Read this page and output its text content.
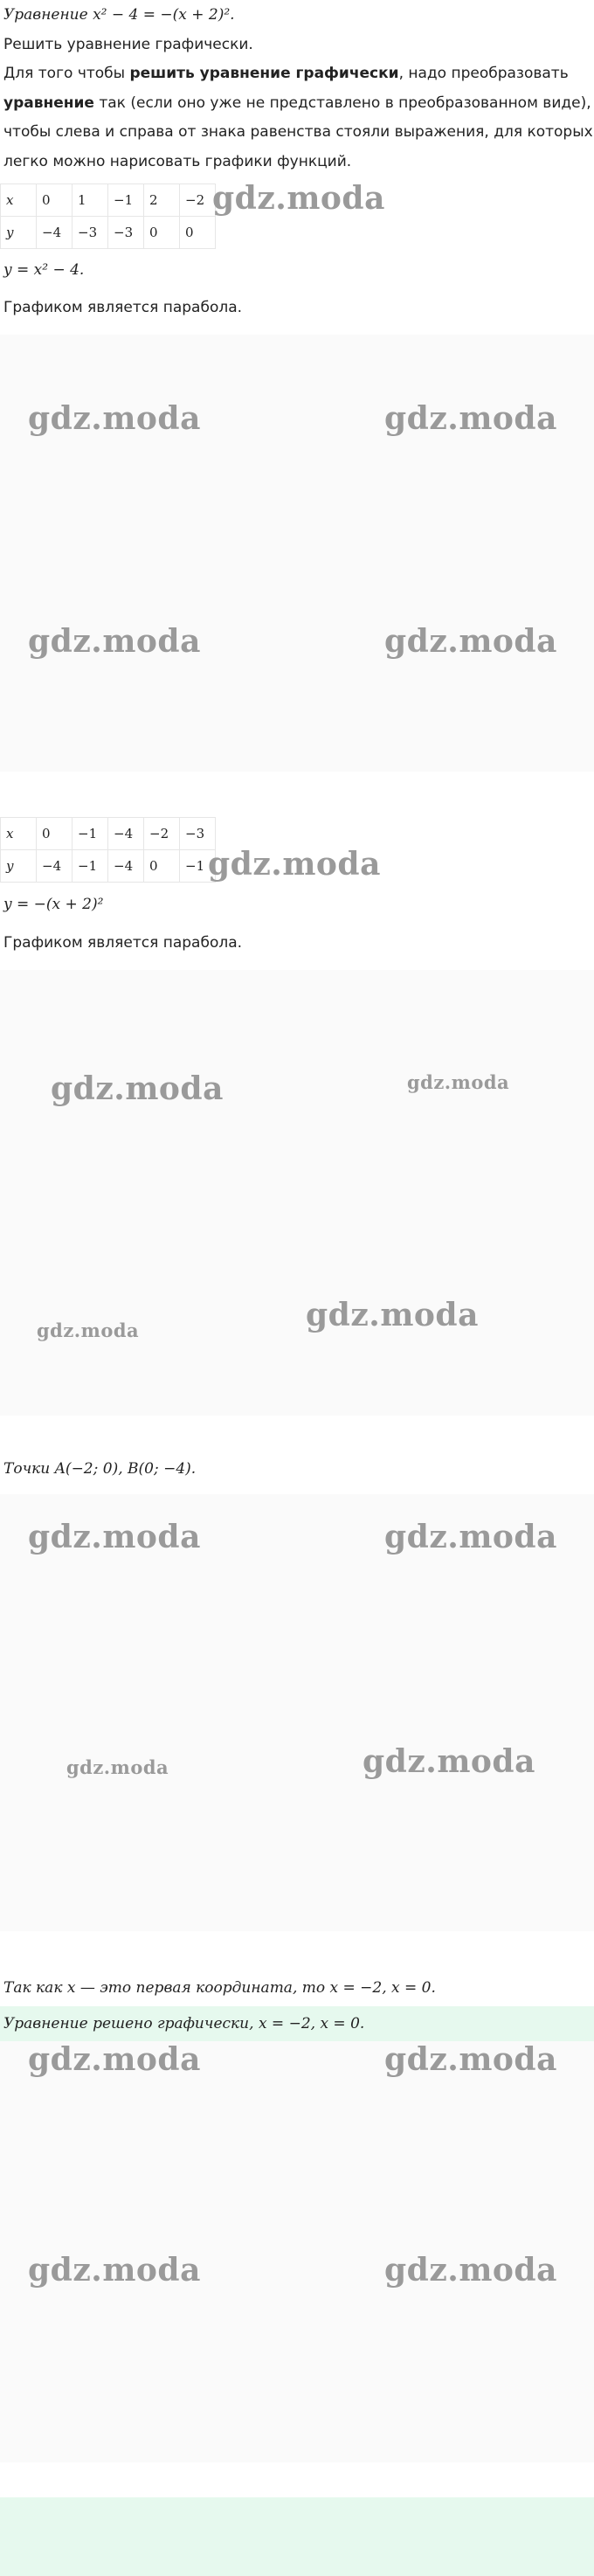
Уравнение x² − 4 = −(x + 2)².
Решить уравнение графически.
Для того чтобы решить уравнение графически, надо преобразовать
уравнение так (если оно уже не представлено в преобразованном виде),
чтобы слева и справа от знака равенства стояли выражения, для которых
легко можно нарисовать графики функций.
x	0	1	−1	2	−2
y	−4	−3	−3	0	0
gdz.moda
y = x² − 4.
Графиком является парабола.
gdz.moda	gdz.moda
gdz.moda	gdz.moda
x	0	−1	−4	−2	−3
y	−4	−1	−4	0	−1 gdz.moda
y = −(x + 2)²
Графиком является парабола.
gdz.moda	gdz.moda
gdz.moda
gdz.moda
Точки A(−2; 0), B(0; −4).
gdz.moda	gdz.moda
gdz.moda	gdz.moda
Так как x — это первая координата, то x = −2, x = 0.
Уравнение решено графически, x = −2, x = 0.
gdz.moda	gdz.moda
gdz.moda	gdz.moda
